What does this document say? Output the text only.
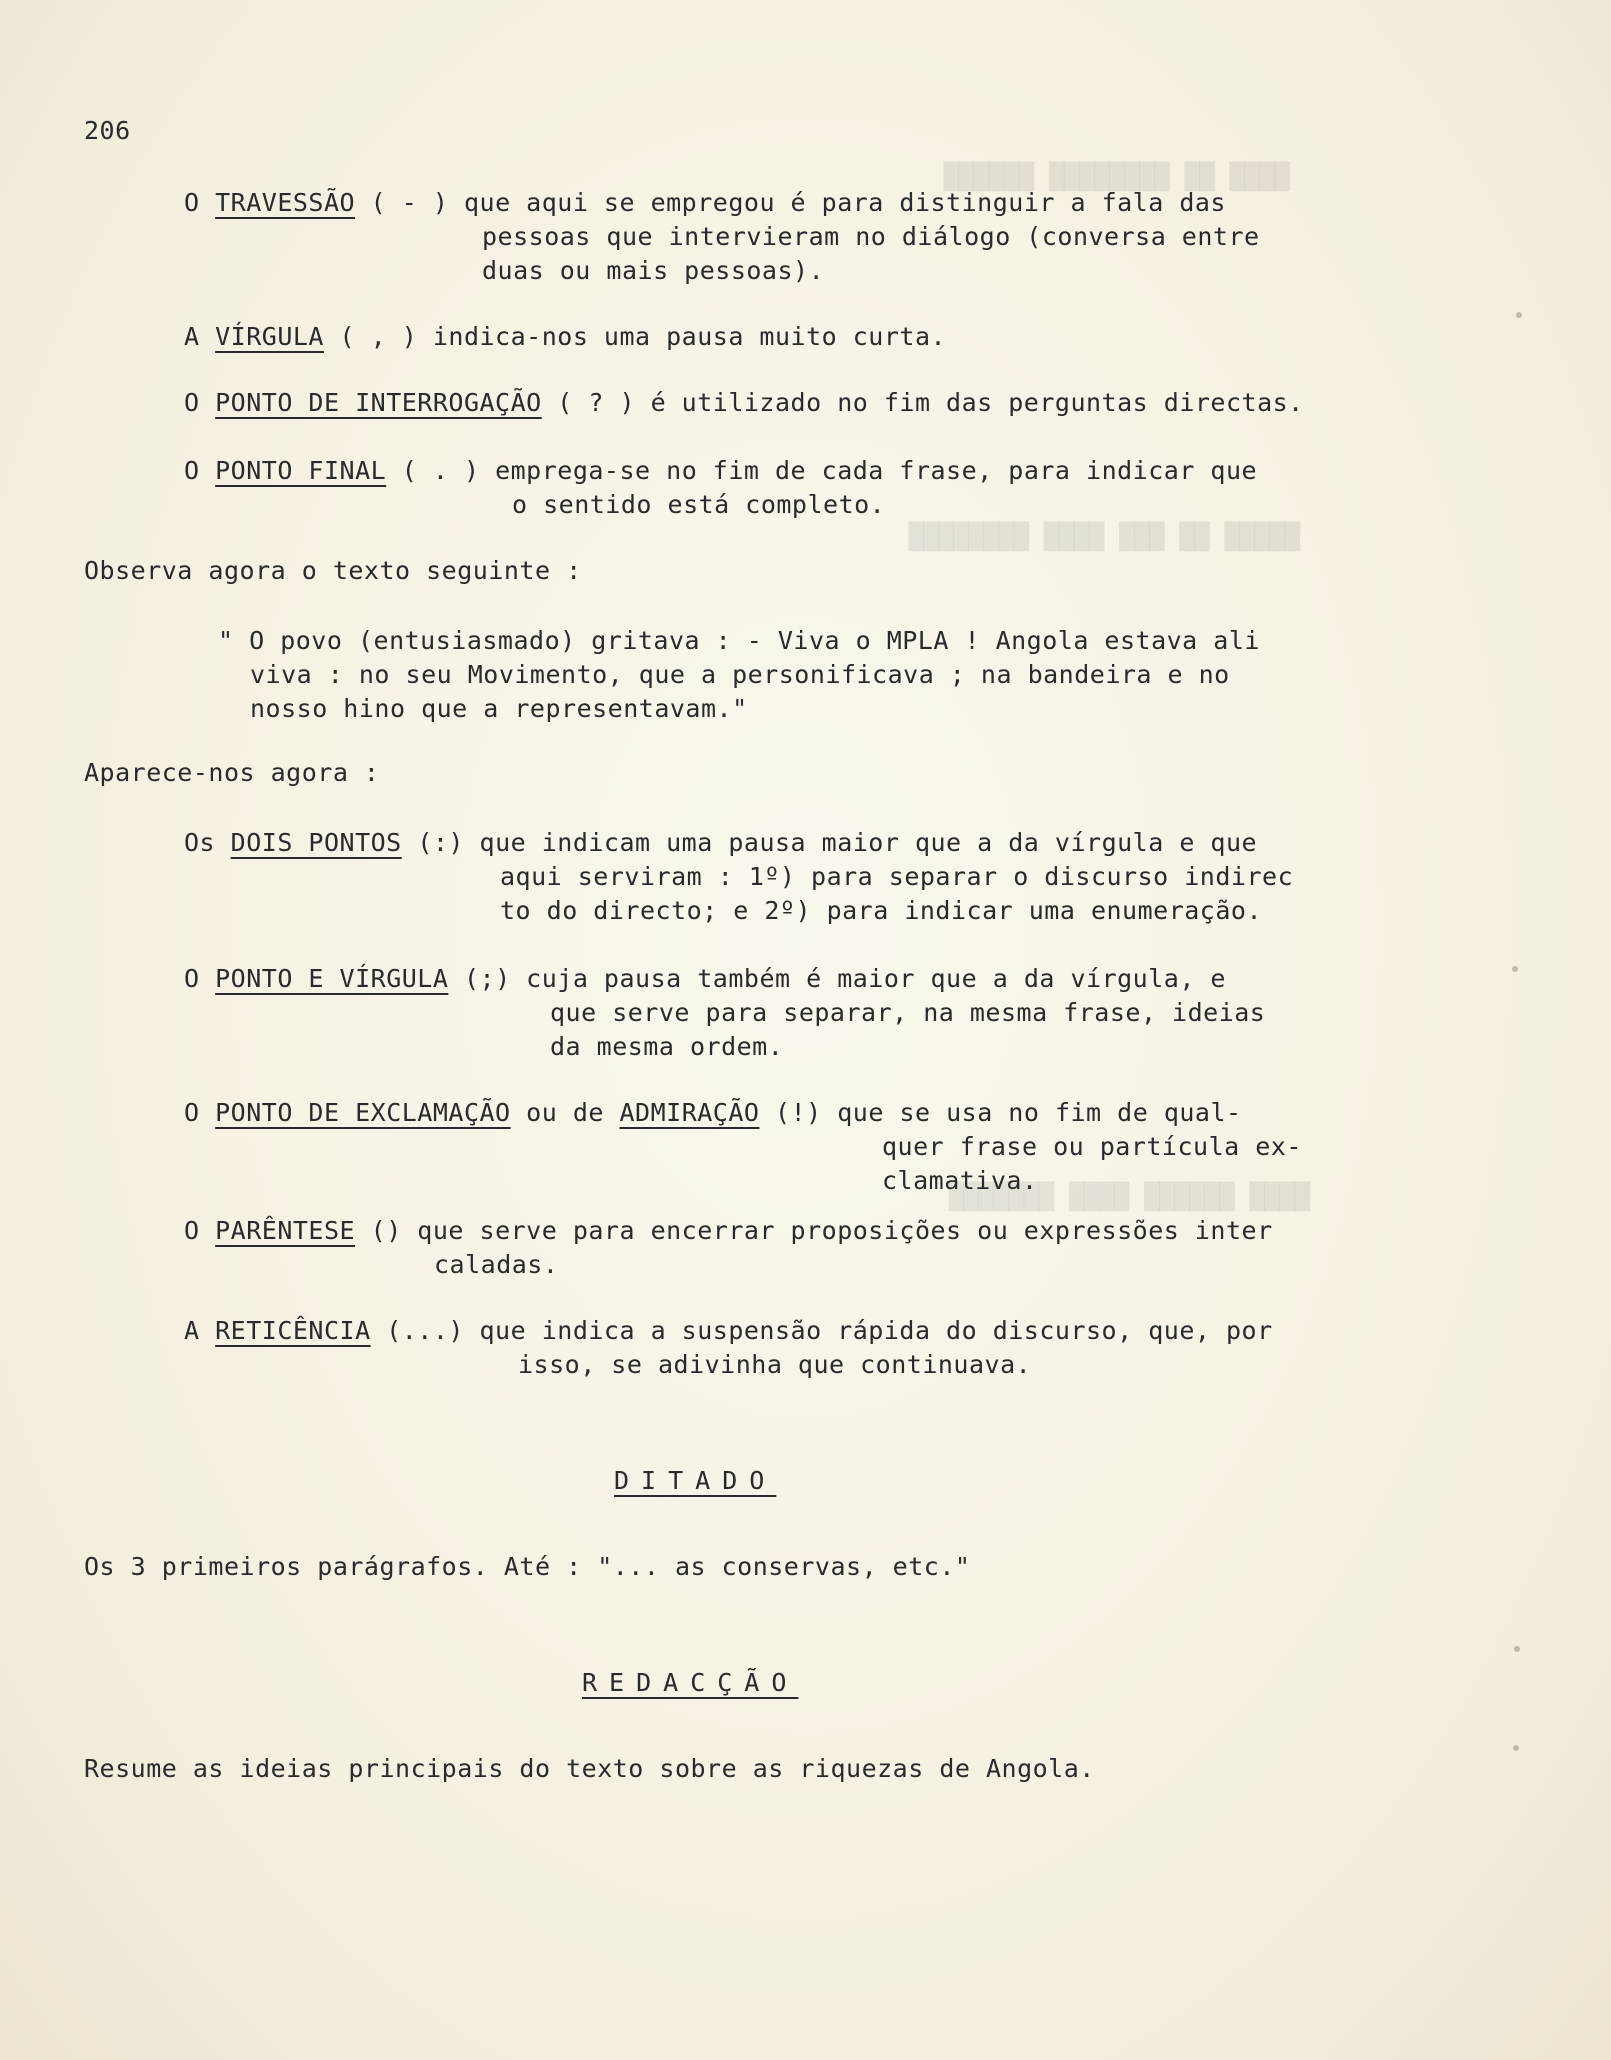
████ ██ ████████ ██████
█████ ██ ███ ████ ████████
████ ██████ ████ ███████
206
O TRAVESSÃO ( - ) que aqui se empregou é para distinguir a fala das
pessoas que intervieram no diálogo (conversa entre
duas ou mais pessoas).
A VÍRGULA ( , ) indica-nos uma pausa muito curta.
O PONTO DE INTERROGAÇÃO ( ? ) é utilizado no fim das perguntas directas.
O PONTO FINAL ( . ) emprega-se no fim de cada frase, para indicar que
o sentido está completo.
Observa agora o texto seguinte :
" O povo (entusiasmado) gritava : - Viva o MPLA ! Angola estava ali
viva : no seu Movimento, que a personificava ; na bandeira e no
nosso hino que a representavam."
Aparece-nos agora :
Os DOIS PONTOS (:) que indicam uma pausa maior que a da vírgula e que
aqui serviram : 1º) para separar o discurso indirec
to do directo; e 2º) para indicar uma enumeração.
O PONTO E VÍRGULA (;) cuja pausa também é maior que a da vírgula, e
que serve para separar, na mesma frase, ideias
da mesma ordem.
O PONTO DE EXCLAMAÇÃO ou de ADMIRAÇÃO (!) que se usa no fim de qual-
quer frase ou partícula ex-
clamativa.
O PARÊNTESE () que serve para encerrar proposições ou expressões inter
caladas.
A RETICÊNCIA (...) que indica a suspensão rápida do discurso, que, por
isso, se adivinha que continuava.
DITADO
Os 3 primeiros parágrafos. Até : "... as conservas, etc."
REDACÇÃO
Resume as ideias principais do texto sobre as riquezas de Angola.
